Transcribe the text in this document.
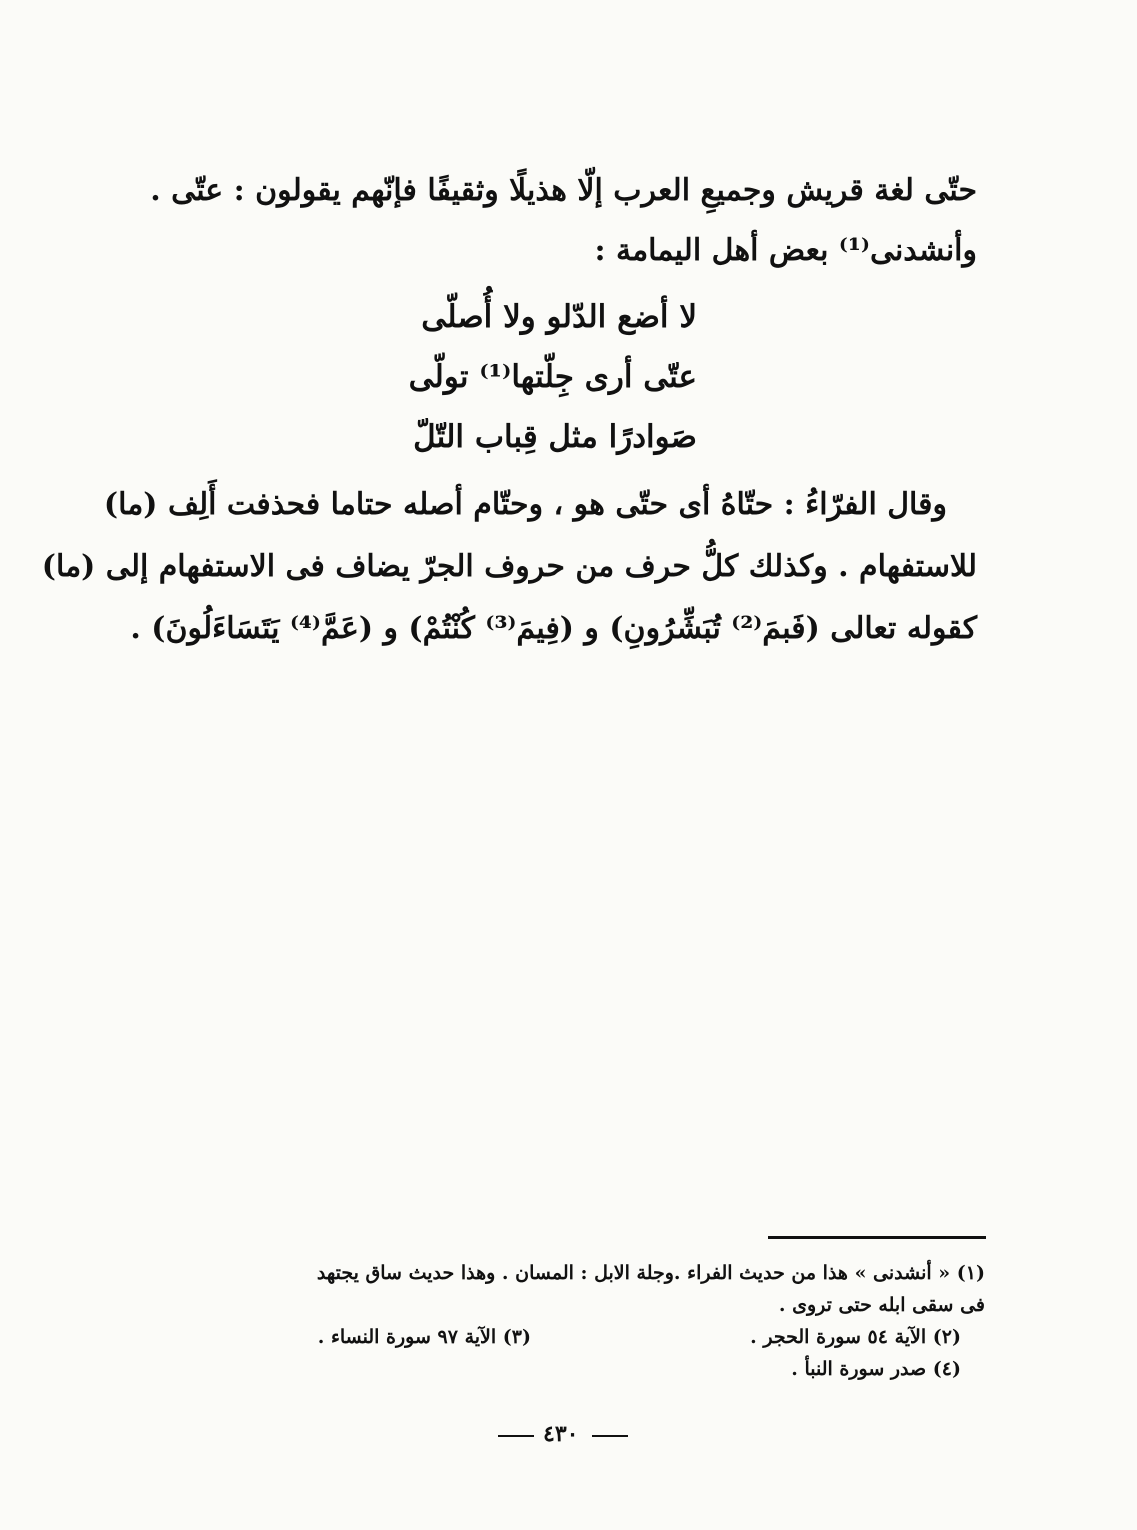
حتّى لغة قريش وجميعِ العرب إلّا هذيلًا وثقيفًا فإنّهم يقولون : عتّى .
وأنشدنى⁽¹⁾ بعض أهل اليمامة :
لا أضع الدّلو ولا أُصلّى
عتّى أرى جِلّتها⁽¹⁾ تولّى
صَوادرًا مثل قِباب التّلّ
وقال الفرّاءُ : حتّاهُ أى حتّى هو ، وحتّام أصله حتاما فحذفت أَلِف (ما)
للاستفهام . وكذلك كلُّ حرف من حروف الجرّ يضاف فى الاستفهام إلى (ما)
كقوله تعالى (فَبمَ⁽²⁾ تُبَشِّرُونِ) و (فِيمَ⁽³⁾ كُنْتُمْ) و (عَمَّ⁽⁴⁾ يَتَسَاءَلُونَ) .
(١) « أنشدنى » هذا من حديث الفراء .وجلة الابل : المسان . وهذا حديث ساق يجتهد
فى سقى ابله حتى تروى .
(٢) الآية ٥٤ سورة الحجر .
(٣) الآية ٩٧ سورة النساء .
(٤) صدر سورة النبأ .
٤٣٠
